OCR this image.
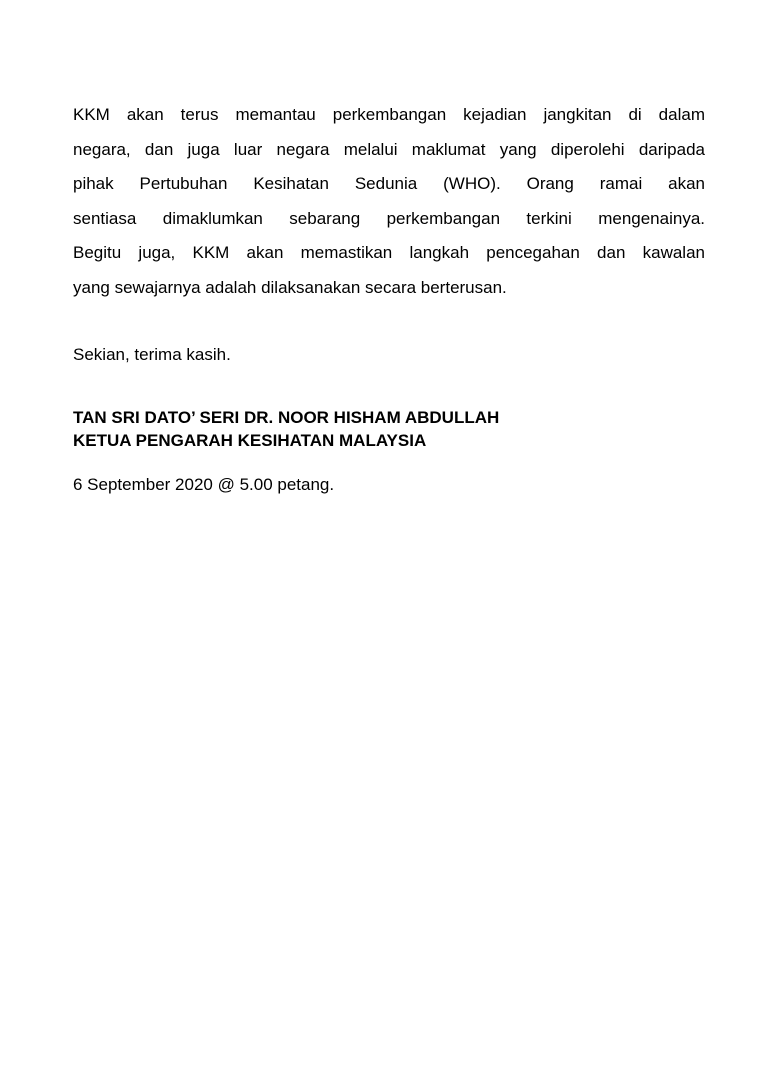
KKM akan terus memantau perkembangan kejadian jangkitan di dalam
negara, dan juga luar negara melalui maklumat yang diperolehi daripada
pihak Pertubuhan Kesihatan Sedunia (WHO). Orang ramai akan
sentiasa dimaklumkan sebarang perkembangan terkini mengenainya.
Begitu juga, KKM akan memastikan langkah pencegahan dan kawalan
yang sewajarnya adalah dilaksanakan secara berterusan.

Sekian, terima kasih.

TAN SRI DATO’ SERI DR. NOOR HISHAM ABDULLAH
KETUA PENGARAH KESIHATAN MALAYSIA

6 September 2020 @ 5.00 petang.
